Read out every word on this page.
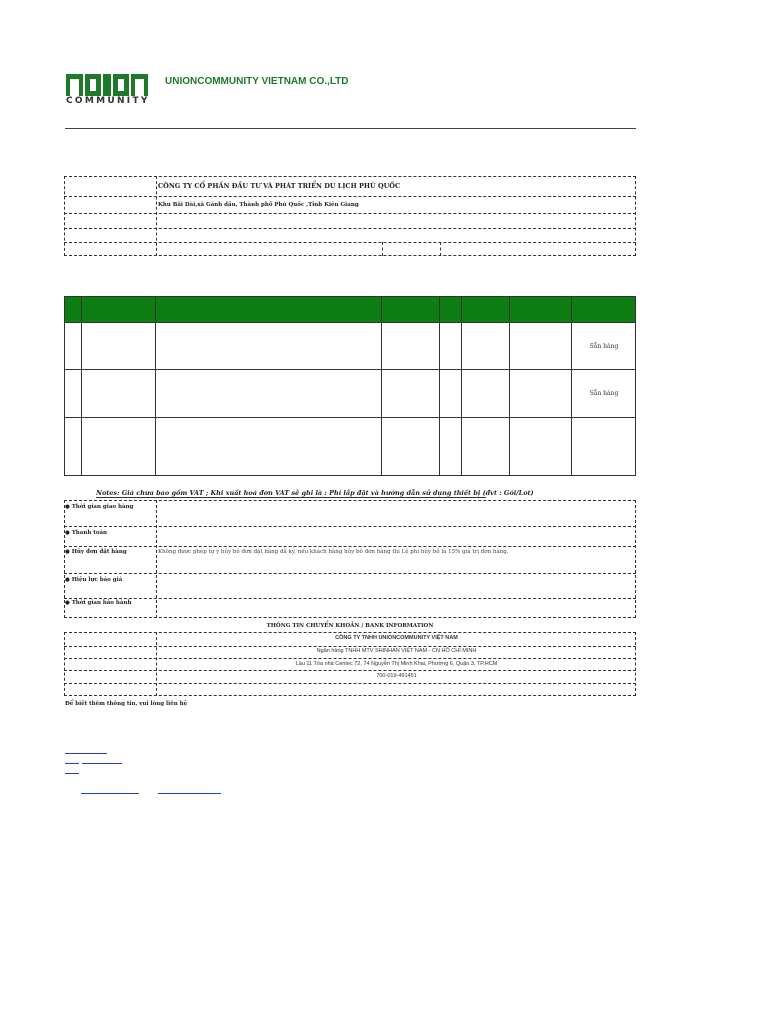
COMMUNITY
UNIONCOMMUNITY VIETNAM CO.,LTD
CÔNG TY CỔ PHẦN ĐẦU TƯ VÀ PHÁT TRIỂN DU LỊCH PHÚ QUỐC
Khu Bãi Dài,xã Gành dầu, Thành phố Phú Quốc ,Tỉnh Kiên Giang
Sẵn hàng
Sẵn hàng
Notes: Giá chưa bao gồm VAT ; Khi xuất hoá đơn VAT sẽ ghi là : Phí lắp đặt và hướng dẫn sử dụng thiết bị (đvt : Gói/Lot)
● Thời gian giao hàng
● Thanh toán
● Hủy đơn đặt hàng	Không được phép tự ý hủy bỏ đơn đặt hàng đã ký, nếu khách hàng hủy bỏ đơn hàng thì Lệ phí hủy bỏ là 15% giá trị đơn hàng.
● Hiệu lực báo giá
● Thời gian bảo hành
THÔNG TIN CHUYỂN KHOẢN / BANK INFORMATION
CÔNG TY TNHH UNIONCOMMUNITY VIỆT NAM
Ngân hàng TNHH MTV SHINHAN VIỆT NAM - CN HỒ CHÍ MINH
Lầu 11 Tòa nhà Centec 72, 74 Nguyễn Thị Minh Khai, Phường 6, Quận 3, TP.HCM
700-019-491451
Để biết thêm thông tin, vui lòng liên hệ
